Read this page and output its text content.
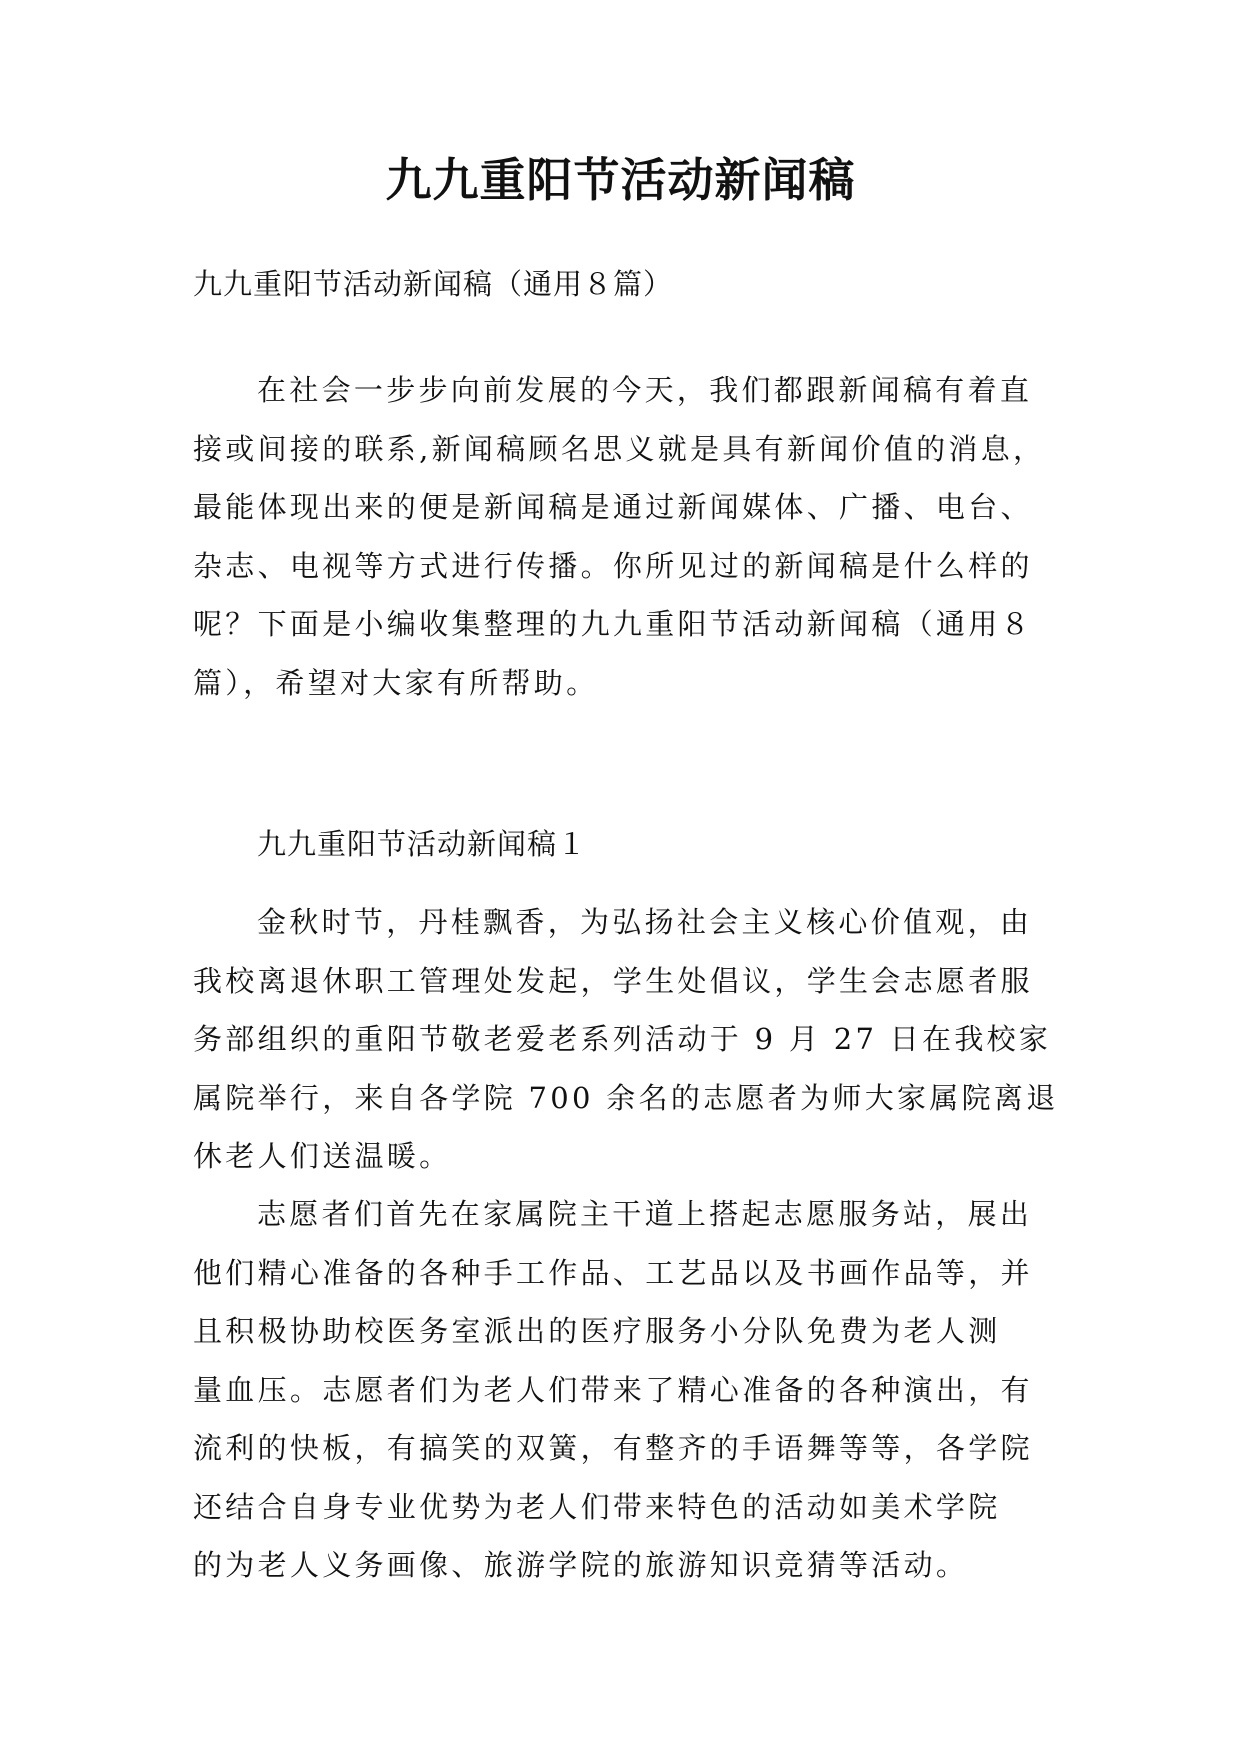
九九重阳节活动新闻稿

九九重阳节活动新闻稿（通用８篇）

在社会一步步向前发展的今天，我们都跟新闻稿有着直
接或间接的联系,新闻稿顾名思义就是具有新闻价值的消息，
最能体现出来的便是新闻稿是通过新闻媒体、广播、电台、
杂志、电视等方式进行传播。你所见过的新闻稿是什么样的
呢？下面是小编收集整理的九九重阳节活动新闻稿（通用８
篇），希望对大家有所帮助。

九九重阳节活动新闻稿１

金秋时节，丹桂飘香，为弘扬社会主义核心价值观，由
我校离退休职工管理处发起，学生处倡议，学生会志愿者服
务部组织的重阳节敬老爱老系列活动于 9 月 27 日在我校家
属院举行，来自各学院 700 余名的志愿者为师大家属院离退
休老人们送温暖。

志愿者们首先在家属院主干道上搭起志愿服务站，展出
他们精心准备的各种手工作品、工艺品以及书画作品等，并
且积极协助校医务室派出的医疗服务小分队免费为老人测
量血压。志愿者们为老人们带来了精心准备的各种演出，有
流利的快板，有搞笑的双簧，有整齐的手语舞等等，各学院
还结合自身专业优势为老人们带来特色的活动如美术学院
的为老人义务画像、旅游学院的旅游知识竞猜等活动。
